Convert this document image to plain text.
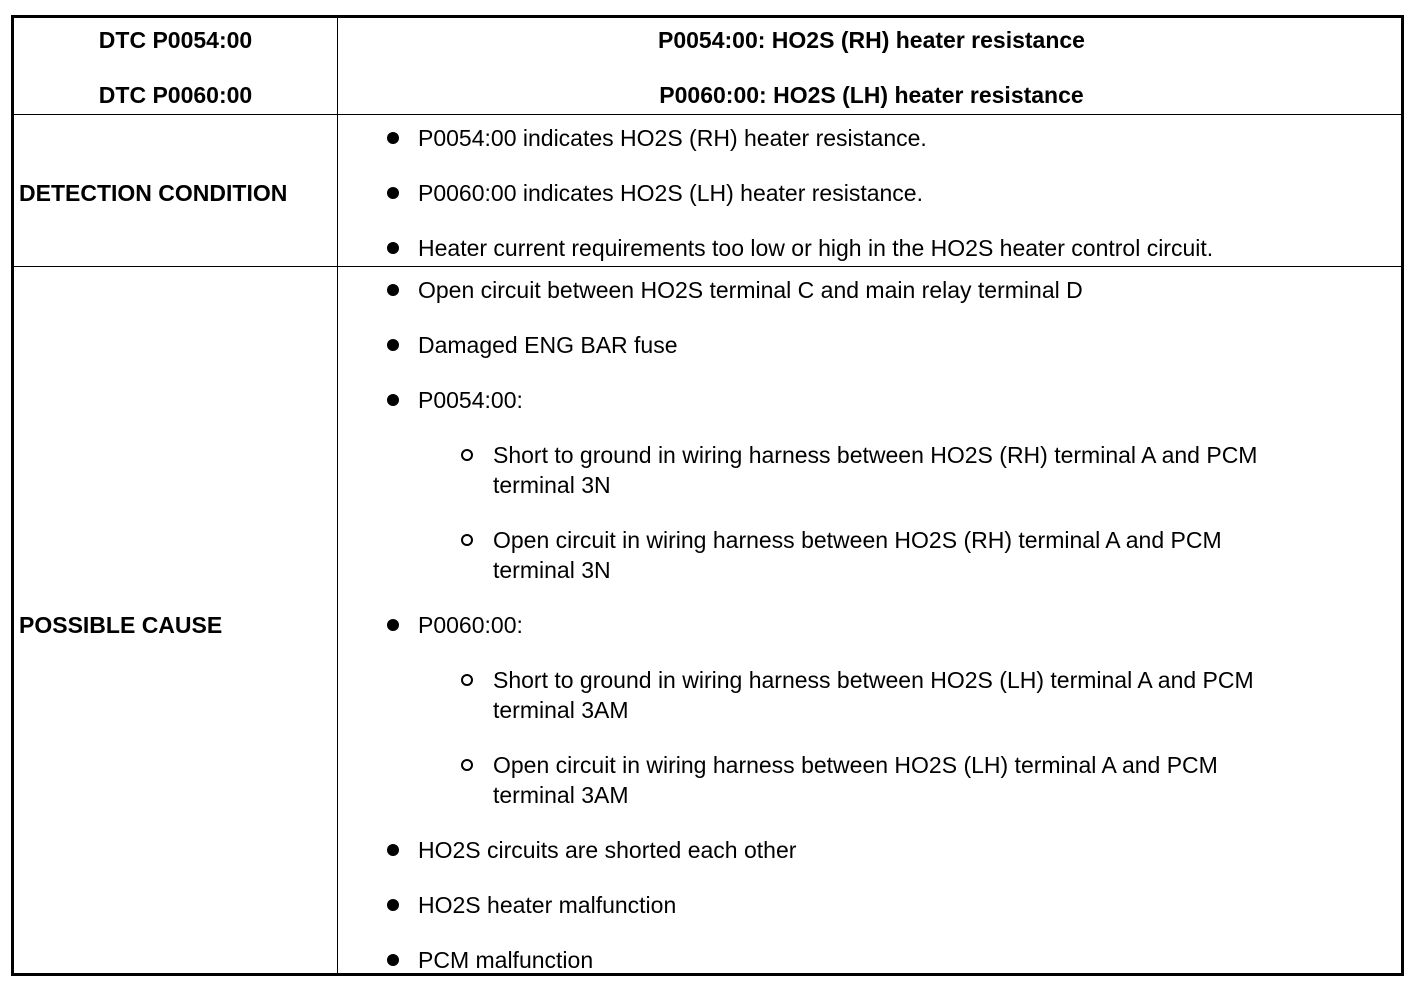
DTC P0054:00
DTC P0060:00
P0054:00: HO2S (RH) heater resistance
P0060:00: HO2S (LH) heater resistance
DETECTION CONDITION
P0054:00 indicates HO2S (RH) heater resistance.
P0060:00 indicates HO2S (LH) heater resistance.
Heater current requirements too low or high in the HO2S heater control circuit.
POSSIBLE CAUSE
Open circuit between HO2S terminal C and main relay terminal D
Damaged ENG BAR fuse
P0054:00:
Short to ground in wiring harness between HO2S (RH) terminal A and PCM
terminal 3N
Open circuit in wiring harness between HO2S (RH) terminal A and PCM
terminal 3N
P0060:00:
Short to ground in wiring harness between HO2S (LH) terminal A and PCM
terminal 3AM
Open circuit in wiring harness between HO2S (LH) terminal A and PCM
terminal 3AM
HO2S circuits are shorted each other
HO2S heater malfunction
PCM malfunction
